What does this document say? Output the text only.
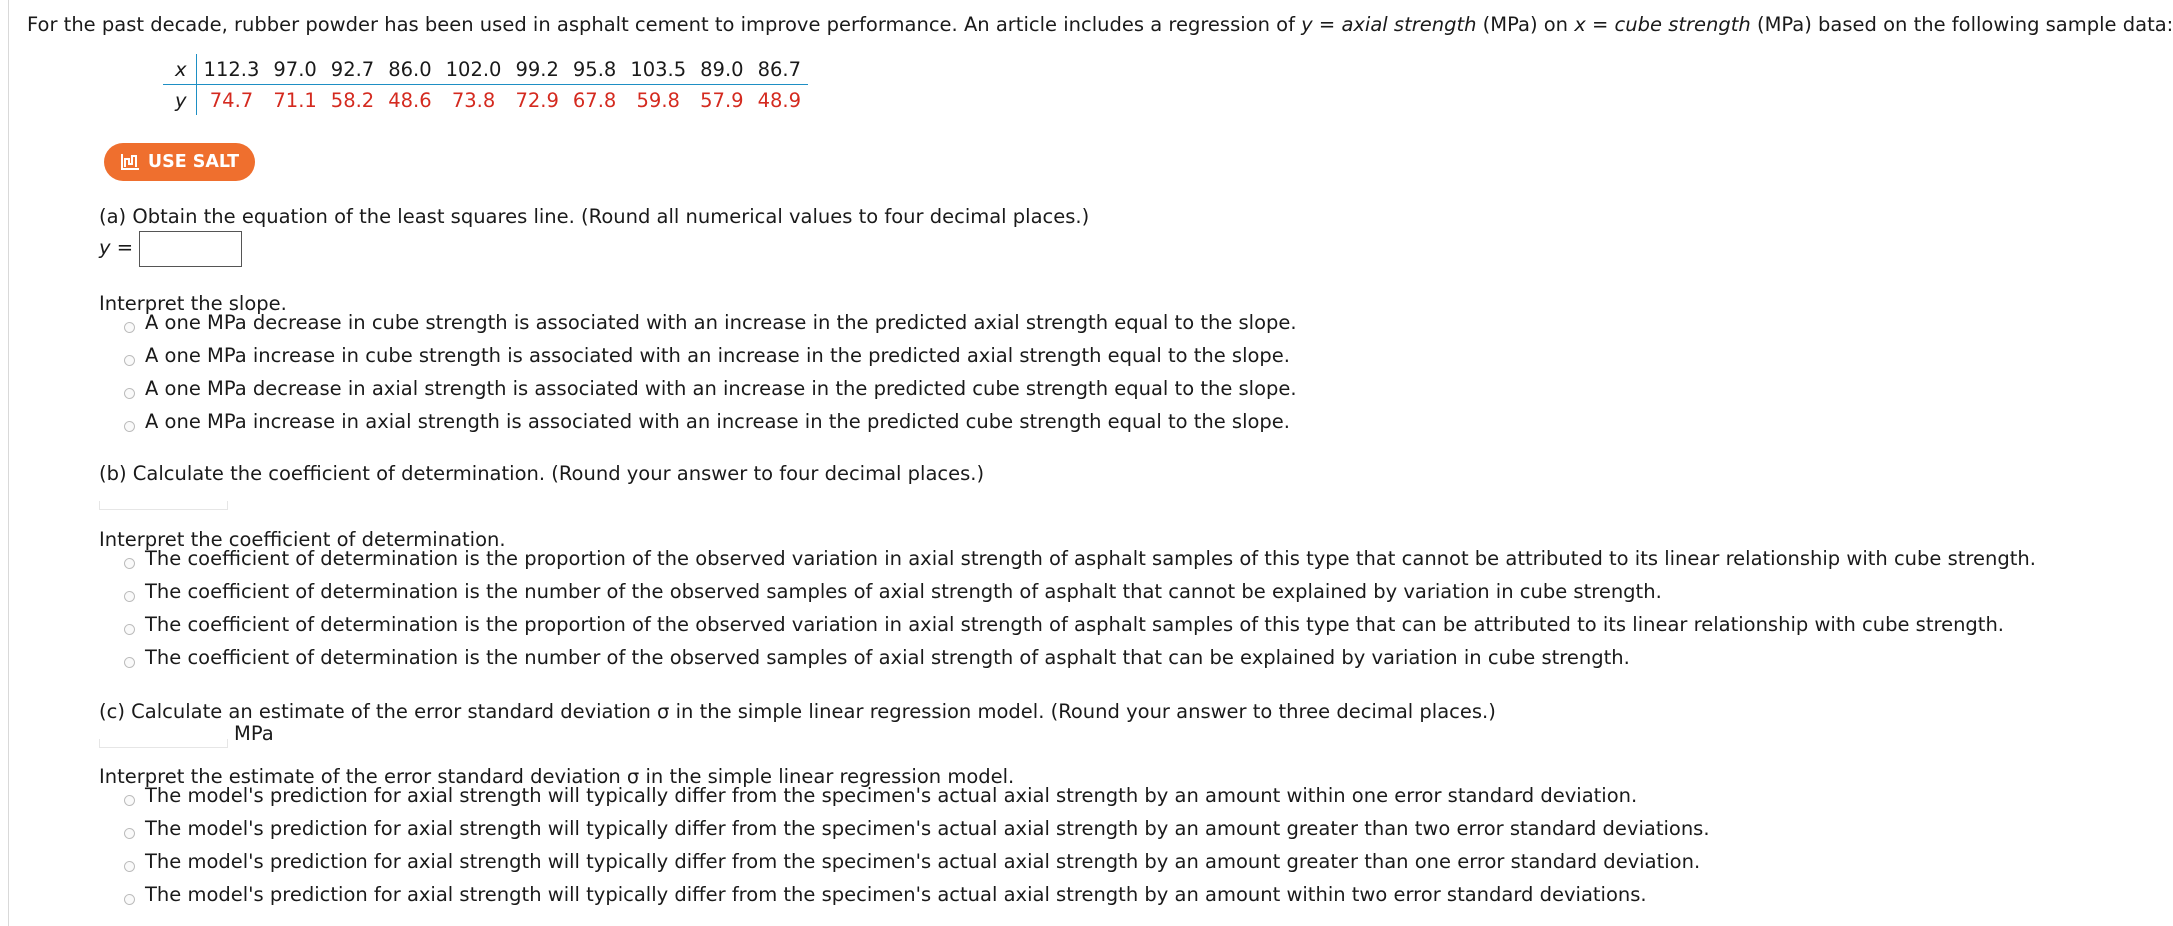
For the past decade, rubber powder has been used in asphalt cement to improve performance. An article includes a regression of y = axial strength (MPa) on x = cube strength (MPa) based on the following sample data:
x	112.3	97.0	92.7	86.0	102.0	99.2	95.8	103.5	89.0	86.7
y	74.7	71.1	58.2	48.6	73.8	72.9	67.8	59.8	57.9	48.9
USE SALT
(a) Obtain the equation of the least squares line. (Round all numerical values to four decimal places.)
y =
Interpret the slope.
A one MPa decrease in cube strength is associated with an increase in the predicted axial strength equal to the slope.
A one MPa increase in cube strength is associated with an increase in the predicted axial strength equal to the slope.
A one MPa decrease in axial strength is associated with an increase in the predicted cube strength equal to the slope.
A one MPa increase in axial strength is associated with an increase in the predicted cube strength equal to the slope.
(b) Calculate the coefficient of determination. (Round your answer to four decimal places.)
Interpret the coefficient of determination.
The coefficient of determination is the proportion of the observed variation in axial strength of asphalt samples of this type that cannot be attributed to its linear relationship with cube strength.
The coefficient of determination is the number of the observed samples of axial strength of asphalt that cannot be explained by variation in cube strength.
The coefficient of determination is the proportion of the observed variation in axial strength of asphalt samples of this type that can be attributed to its linear relationship with cube strength.
The coefficient of determination is the number of the observed samples of axial strength of asphalt that can be explained by variation in cube strength.
(c) Calculate an estimate of the error standard deviation σ in the simple linear regression model. (Round your answer to three decimal places.)
MPa
Interpret the estimate of the error standard deviation σ in the simple linear regression model.
The model's prediction for axial strength will typically differ from the specimen's actual axial strength by an amount within one error standard deviation.
The model's prediction for axial strength will typically differ from the specimen's actual axial strength by an amount greater than two error standard deviations.
The model's prediction for axial strength will typically differ from the specimen's actual axial strength by an amount greater than one error standard deviation.
The model's prediction for axial strength will typically differ from the specimen's actual axial strength by an amount within two error standard deviations.
